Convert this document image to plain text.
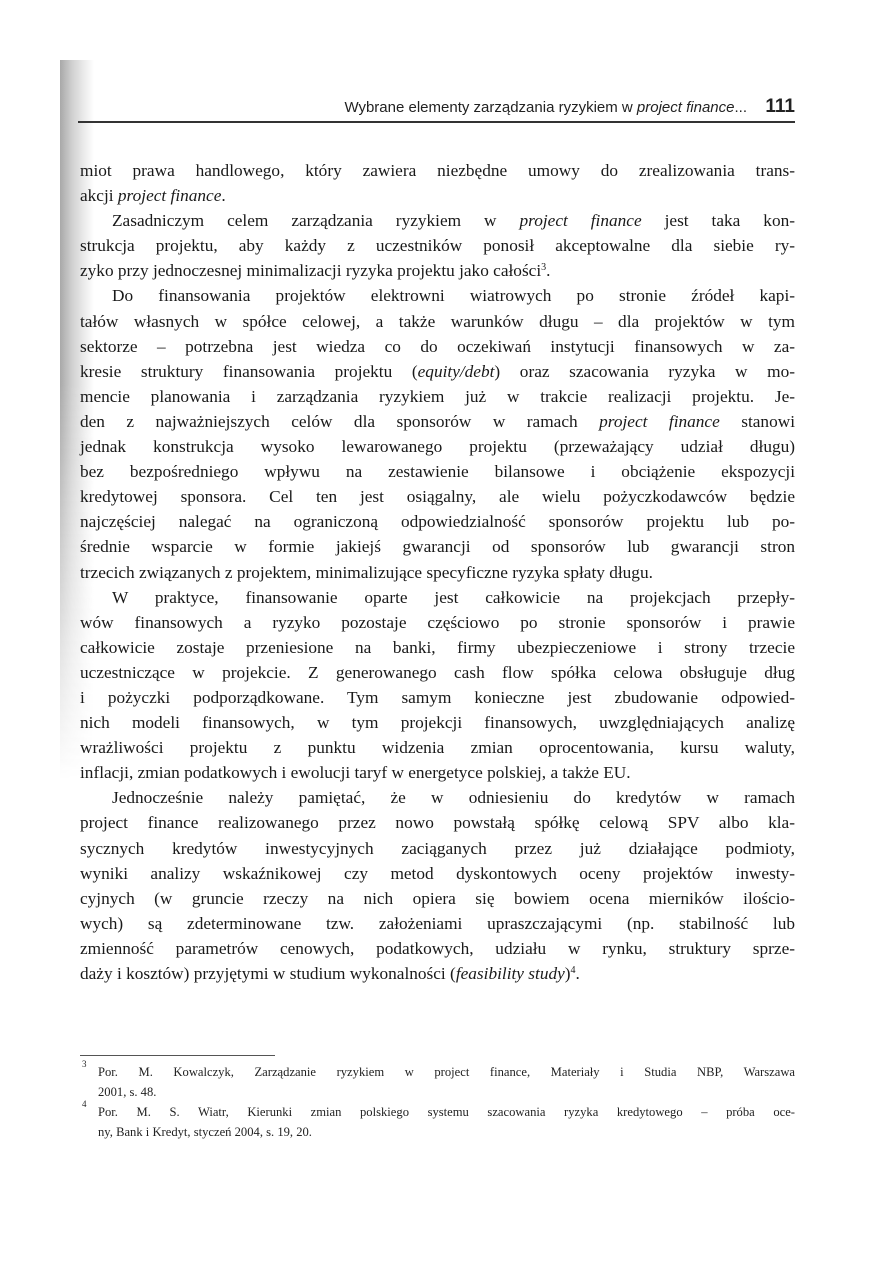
Wybrane elementy zarządzania ryzykiem w project finance... 111
miot prawa handlowego, który zawiera niezbędne umowy do zrealizowania trans-
akcji project finance.
Zasadniczym celem zarządzania ryzykiem w project finance jest taka kon-
strukcja projektu, aby każdy z uczestników ponosił akceptowalne dla siebie ry-
zyko przy jednoczesnej minimalizacji ryzyka projektu jako całości$^3$.
Do finansowania projektów elektrowni wiatrowych po stronie źródeł kapi-
tałów własnych w spółce celowej, a także warunków długu – dla projektów w tym
sektorze – potrzebna jest wiedza co do oczekiwań instytucji finansowych w za-
kresie struktury finansowania projektu (equity/debt) oraz szacowania ryzyka w mo-
mencie planowania i zarządzania ryzykiem już w trakcie realizacji projektu. Je-
den z najważniejszych celów dla sponsorów w ramach project finance stanowi
jednak konstrukcja wysoko lewarowanego projektu (przeważający udział długu)
bez bezpośredniego wpływu na zestawienie bilansowe i obciążenie ekspozycji
kredytowej sponsora. Cel ten jest osiągalny, ale wielu pożyczkodawców będzie
najczęściej nalegać na ograniczoną odpowiedzialność sponsorów projektu lub po-
średnie wsparcie w formie jakiejś gwarancji od sponsorów lub gwarancji stron
trzecich związanych z projektem, minimalizujące specyficzne ryzyka spłaty długu.
W praktyce, finansowanie oparte jest całkowicie na projekcjach przepły-
wów finansowych a ryzyko pozostaje częściowo po stronie sponsorów i prawie
całkowicie zostaje przeniesione na banki, firmy ubezpieczeniowe i strony trzecie
uczestniczące w projekcie. Z generowanego cash flow spółka celowa obsługuje dług
i pożyczki podporządkowane. Tym samym konieczne jest zbudowanie odpowied-
nich modeli finansowych, w tym projekcji finansowych, uwzględniających analizę
wrażliwości projektu z punktu widzenia zmian oprocentowania, kursu waluty,
inflacji, zmian podatkowych i ewolucji taryf w energetyce polskiej, a także EU.
Jednocześnie należy pamiętać, że w odniesieniu do kredytów w ramach
project finance realizowanego przez nowo powstałą spółkę celową SPV albo kla-
sycznych kredytów inwestycyjnych zaciąganych przez już działające podmioty,
wyniki analizy wskaźnikowej czy metod dyskontowych oceny projektów inwesty-
cyjnych (w gruncie rzeczy na nich opiera się bowiem ocena mierników ilościo-
wych) są zdeterminowane tzw. założeniami upraszczającymi (np. stabilność lub
zmienność parametrów cenowych, podatkowych, udziału w rynku, struktury sprze-
daży i kosztów) przyjętymi w studium wykonalności (feasibility study)$^4$.
3
Por. M. Kowalczyk, Zarządzanie ryzykiem w project finance, Materiały i Studia NBP, Warszawa
2001, s. 48.
4
Por. M. S. Wiatr, Kierunki zmian polskiego systemu szacowania ryzyka kredytowego – próba oce-
ny, Bank i Kredyt, styczeń 2004, s. 19, 20.
